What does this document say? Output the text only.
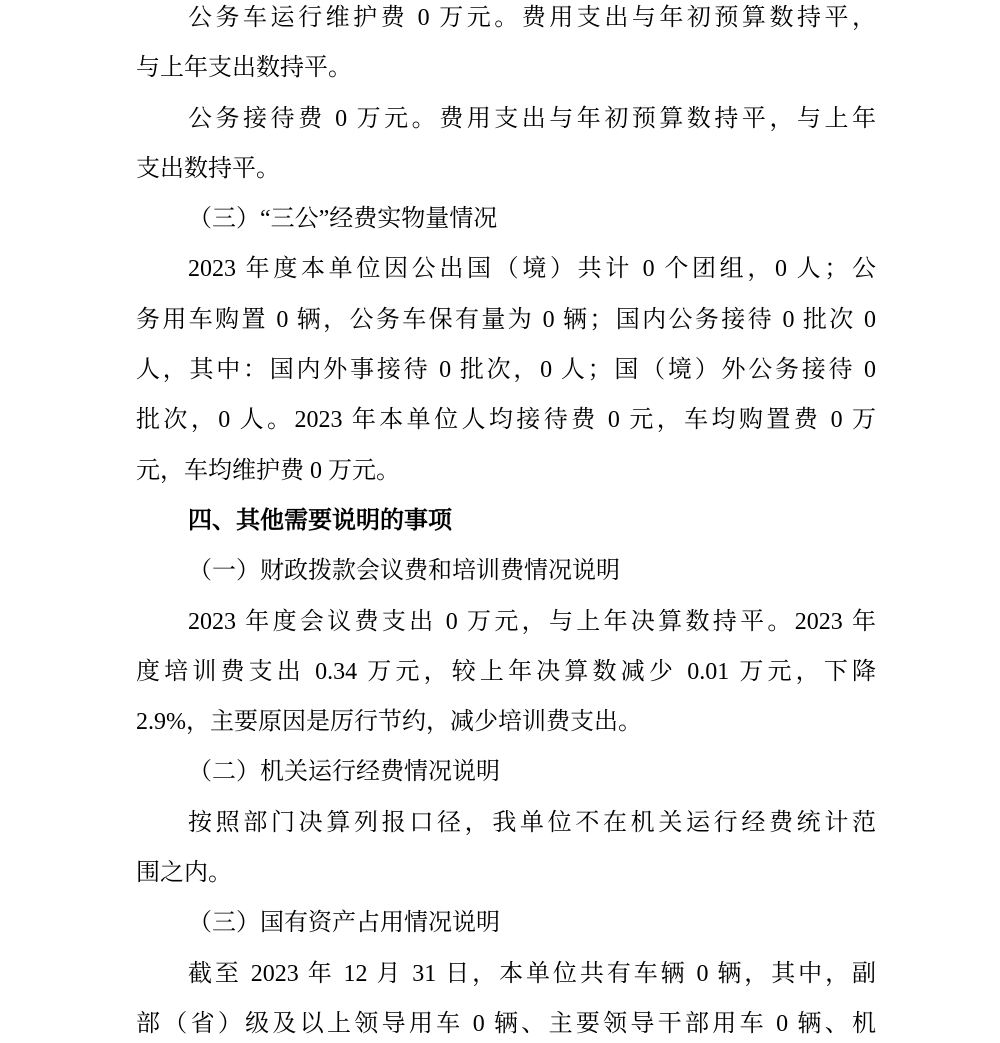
公务车运行维护费 0 万元。费用支出与年初预算数持平，
与上年支出数持平。
公务接待费 0 万元。费用支出与年初预算数持平，与上年
支出数持平。
（三）“三公”经费实物量情况
2023 年度本单位因公出国（境）共计 0 个团组，0 人；公
务用车购置 0 辆，公务车保有量为 0 辆；国内公务接待 0 批次 0
人，其中：国内外事接待 0 批次，0 人；国（境）外公务接待 0
批次，0 人。2023 年本单位人均接待费 0 元，车均购置费 0 万
元，车均维护费 0 万元。
四、其他需要说明的事项
（一）财政拨款会议费和培训费情况说明
2023 年度会议费支出 0 万元，与上年决算数持平。2023 年
度培训费支出 0.34 万元，较上年决算数减少 0.01 万元，下降
2.9%，主要原因是厉行节约，减少培训费支出。
（二）机关运行经费情况说明
按照部门决算列报口径，我单位不在机关运行经费统计范
围之内。
（三）国有资产占用情况说明
截至 2023 年 12 月 31 日，本单位共有车辆 0 辆，其中，副
部（省）级及以上领导用车 0 辆、主要领导干部用车 0 辆、机
